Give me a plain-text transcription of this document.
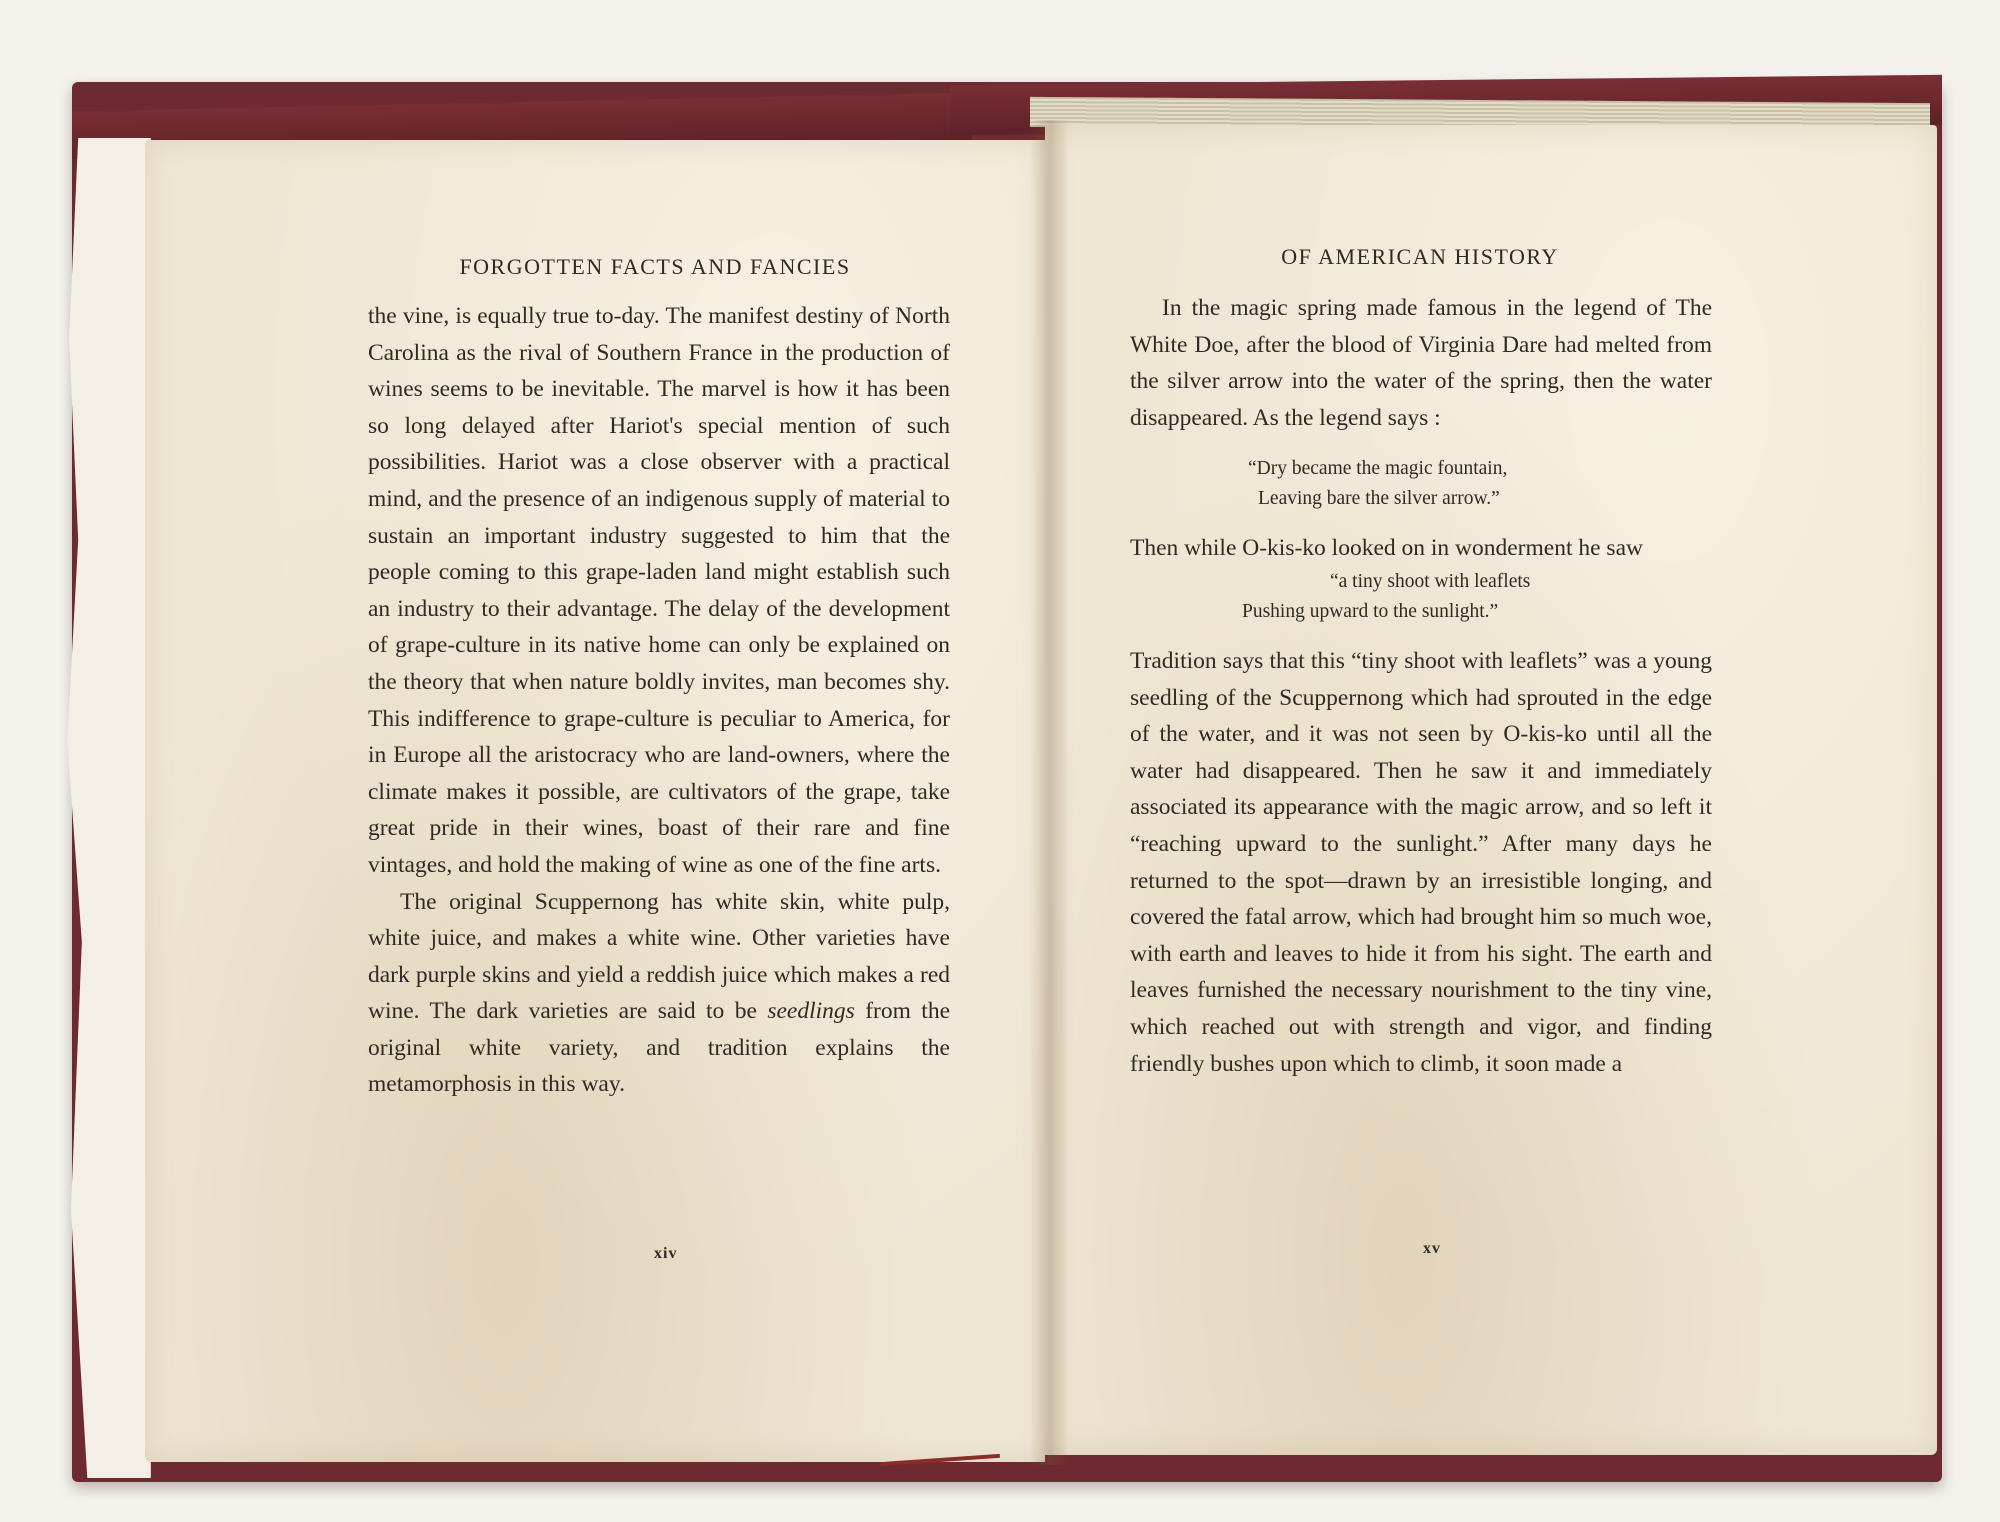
FORGOTTEN FACTS AND FANCIES

the vine, is equally true to-day. The manifest destiny of North Carolina as the rival of Southern France in the production of wines seems to be inevitable. The marvel is how it has been so long delayed after Hariot's special mention of such possibilities. Hariot was a close observer with a practical mind, and the presence of an indigenous supply of material to sustain an important industry suggested to him that the people coming to this grape-laden land might establish such an industry to their advantage. The delay of the development of grape-culture in its native home can only be explained on the theory that when nature boldly invites, man becomes shy. This indifference to grape-culture is peculiar to America, for in Europe all the aristocracy who are land-owners, where the climate makes it possible, are cultivators of the grape, take great pride in their wines, boast of their rare and fine vintages, and hold the making of wine as one of the fine arts.

The original Scuppernong has white skin, white pulp, white juice, and makes a white wine. Other varieties have dark purple skins and yield a reddish juice which makes a red wine. The dark varieties are said to be seedlings from the original white variety, and tradition explains the metamorphosis in this way.

xiv
OF AMERICAN HISTORY

In the magic spring made famous in the legend of The White Doe, after the blood of Virginia Dare had melted from the silver arrow into the water of the spring, then the water disappeared. As the legend says :

“Dry became the magic fountain,
Leaving bare the silver arrow.”

Then while O-kis-ko looked on in wonderment he saw

“a tiny shoot with leaflets
Pushing upward to the sunlight.”

Tradition says that this “tiny shoot with leaflets” was a young seedling of the Scuppernong which had sprouted in the edge of the water, and it was not seen by O-kis-ko until all the water had disappeared. Then he saw it and immediately associated its appearance with the magic arrow, and so left it “reaching upward to the sunlight.” After many days he returned to the spot—drawn by an irresistible longing, and covered the fatal arrow, which had brought him so much woe, with earth and leaves to hide it from his sight. The earth and leaves furnished the necessary nourishment to the tiny vine, which reached out with strength and vigor, and finding friendly bushes upon which to climb, it soon made a

xv
